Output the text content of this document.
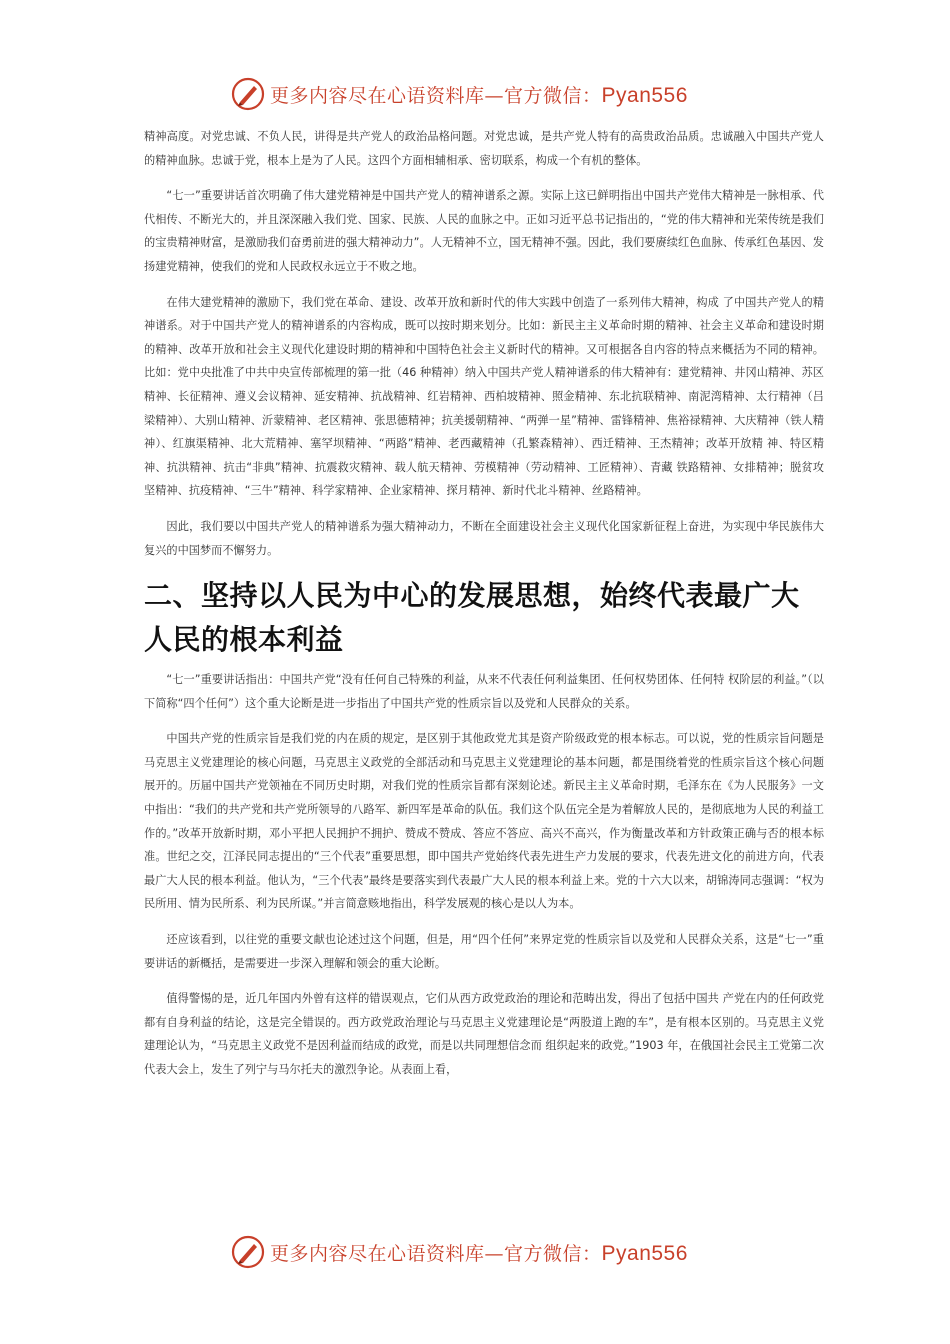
更多内容尽在心语资料库—官方微信：Pyan556

精神高度。对党忠诚、不负人民，讲得是共产党人的政治品格问题。对党忠诚，是共产党人特有的高贵政治品质。忠诚融入中国共产党人的精神血脉。忠诚于党，根本上是为了人民。这四个方面相辅相承、密切联系，构成一个有机的整体。

“七一”重要讲话首次明确了伟大建党精神是中国共产党人的精神谱系之源。实际上这已鲜明指出中国共产党伟大精神是一脉相承、代代相传、不断光大的，并且深深融入我们党、国家、民族、人民的血脉之中。正如习近平总书记指出的，“党的伟大精神和光荣传统是我们的宝贵精神财富，是激励我们奋勇前进的强大精神动力”。人无精神不立，国无精神不强。因此，我们要赓续红色血脉、传承红色基因、发扬建党精神，使我们的党和人民政权永远立于不败之地。

在伟大建党精神的激励下，我们党在革命、建设、改革开放和新时代的伟大实践中创造了一系列伟大精神，构成 了中国共产党人的精神谱系。对于中国共产党人的精神谱系的内容构成，既可以按时期来划分。比如：新民主主义革命时期的精神、社会主义革命和建设时期的精神、改革开放和社会主义现代化建设时期的精神和中国特色社会主义新时代的精神。又可根据各自内容的特点来概括为不同的精神。比如：党中央批准了中共中央宣传部梳理的第一批（46 种精神）纳入中国共产党人精神谱系的伟大精神有：建党精神、井冈山精神、苏区精神、长征精神、遵义会议精神、延安精神、抗战精神、红岩精神、西柏坡精神、照金精神、东北抗联精神、南泥湾精神、太行精神（吕梁精神）、大别山精神、沂蒙精神、老区精神、张思德精神；抗美援朝精神、“两弹一星”精神、雷锋精神、焦裕禄精神、大庆精神（铁人精神）、红旗渠精神、北大荒精神、塞罕坝精神、“两路”精神、老西藏精神（孔繁森精神）、西迁精神、王杰精神；改革开放精 神、特区精神、抗洪精神、抗击“非典”精神、抗震救灾精神、载人航天精神、劳模精神（劳动精神、工匠精神）、青藏 铁路精神、女排精神；脱贫攻坚精神、抗疫精神、“三牛”精神、科学家精神、企业家精神、探月精神、新时代北斗精神、丝路精神。

因此，我们要以中国共产党人的精神谱系为强大精神动力，不断在全面建设社会主义现代化国家新征程上奋进，为实现中华民族伟大复兴的中国梦而不懈努力。

二、坚持以人民为中心的发展思想，始终代表最广大人民的根本利益

“七一”重要讲话指出：中国共产党“没有任何自己特殊的利益，从来不代表任何利益集团、任何权势团体、任何特 权阶层的利益。”（以下简称“四个任何”）这个重大论断是进一步指出了中国共产党的性质宗旨以及党和人民群众的关系。

中国共产党的性质宗旨是我们党的内在质的规定，是区别于其他政党尤其是资产阶级政党的根本标志。可以说，党的性质宗旨问题是马克思主义党建理论的核心问题，马克思主义政党的全部活动和马克思主义党建理论的基本问题，都是围绕着党的性质宗旨这个核心问题展开的。历届中国共产党领袖在不同历史时期，对我们党的性质宗旨都有深刻论述。新民主主义革命时期，毛泽东在《为人民服务》一文中指出：“我们的共产党和共产党所领导的八路军、新四军是革命的队伍。我们这个队伍完全是为着解放人民的，是彻底地为人民的利益工作的。”改革开放新时期，邓小平把人民拥护不拥护、赞成不赞成、答应不答应、高兴不高兴，作为衡量改革和方针政策正确与否的根本标准。世纪之交，江泽民同志提出的“三个代表”重要思想，即中国共产党始终代表先进生产力发展的要求，代表先进文化的前进方向，代表最广大人民的根本利益。他认为，“三个代表”最终是要落实到代表最广大人民的根本利益上来。党的十六大以来，胡锦涛同志强调：“权为民所用、情为民所系、利为民所谋。”并言简意赅地指出，科学发展观的核心是以人为本。

还应该看到，以往党的重要文献也论述过这个问题，但是，用“四个任何”来界定党的性质宗旨以及党和人民群众关系，这是“七一”重要讲话的新概括，是需要进一步深入理解和领会的重大论断。

值得警惕的是，近几年国内外曾有这样的错误观点，它们从西方政党政治的理论和范畴出发，得出了包括中国共 产党在内的任何政党都有自身利益的结论，这是完全错误的。西方政党政治理论与马克思主义党建理论是“两股道上跑的车”，是有根本区别的。马克思主义党建理论认为，“马克思主义政党不是因利益而结成的政党，而是以共同理想信念而 组织起来的政党。”1903 年，在俄国社会民主工党第二次代表大会上，发生了列宁与马尔托夫的激烈争论。从表面上看，

更多内容尽在心语资料库—官方微信：Pyan556
